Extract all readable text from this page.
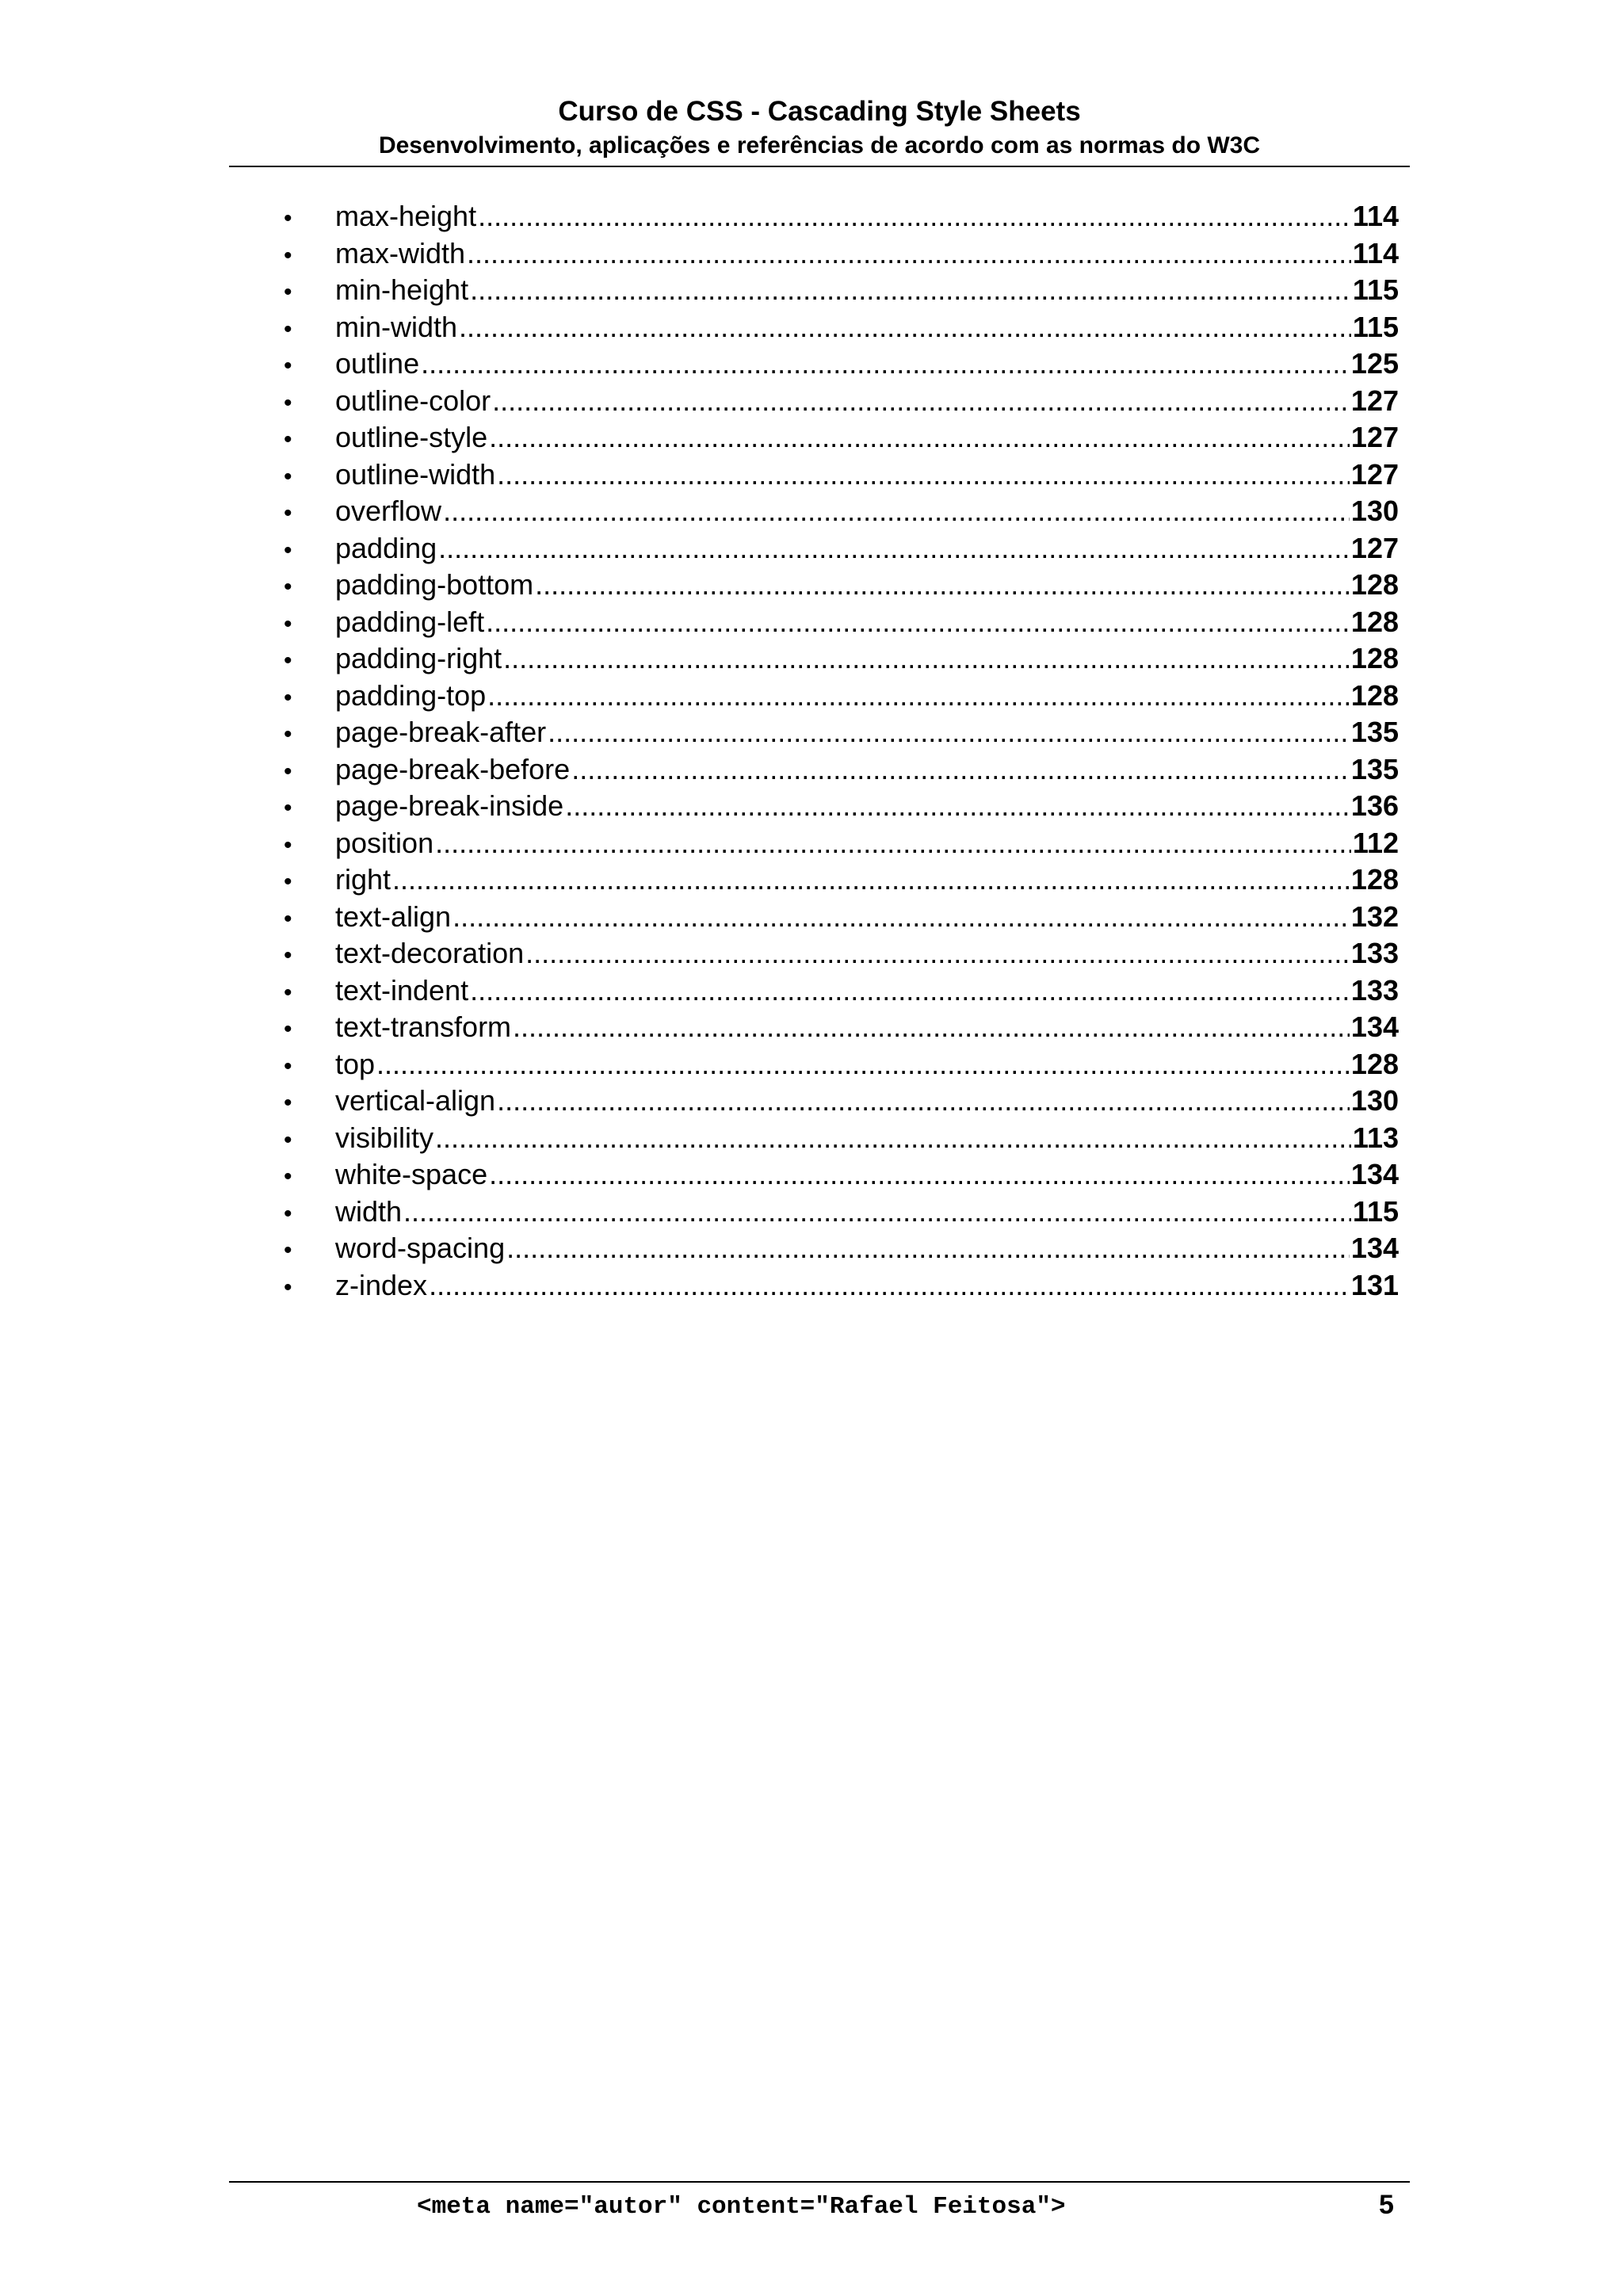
Curso de CSS - Cascading Style Sheets
Desenvolvimento, aplicações e referências de acordo com as normas do W3C
•	max-height .....	114
•	max-width .....	114
•	min-height .....	115
•	min-width .....	115
•	outline .....	125
•	outline-color .....	127
•	outline-style .....	127
•	outline-width .....	127
•	overflow .....	130
•	padding .....	127
•	padding-bottom .....	128
•	padding-left .....	128
•	padding-right .....	128
•	padding-top .....	128
•	page-break-after .....	135
•	page-break-before .....	135
•	page-break-inside .....	136
•	position .....	112
•	right .....	128
•	text-align .....	132
•	text-decoration .....	133
•	text-indent .....	133
•	text-transform .....	134
•	top .....	128
•	vertical-align .....	130
•	visibility .....	113
•	white-space .....	134
•	width .....	115
•	word-spacing .....	134
•	z-index .....	131
<meta name="autor" content="Rafael Feitosa">	5
